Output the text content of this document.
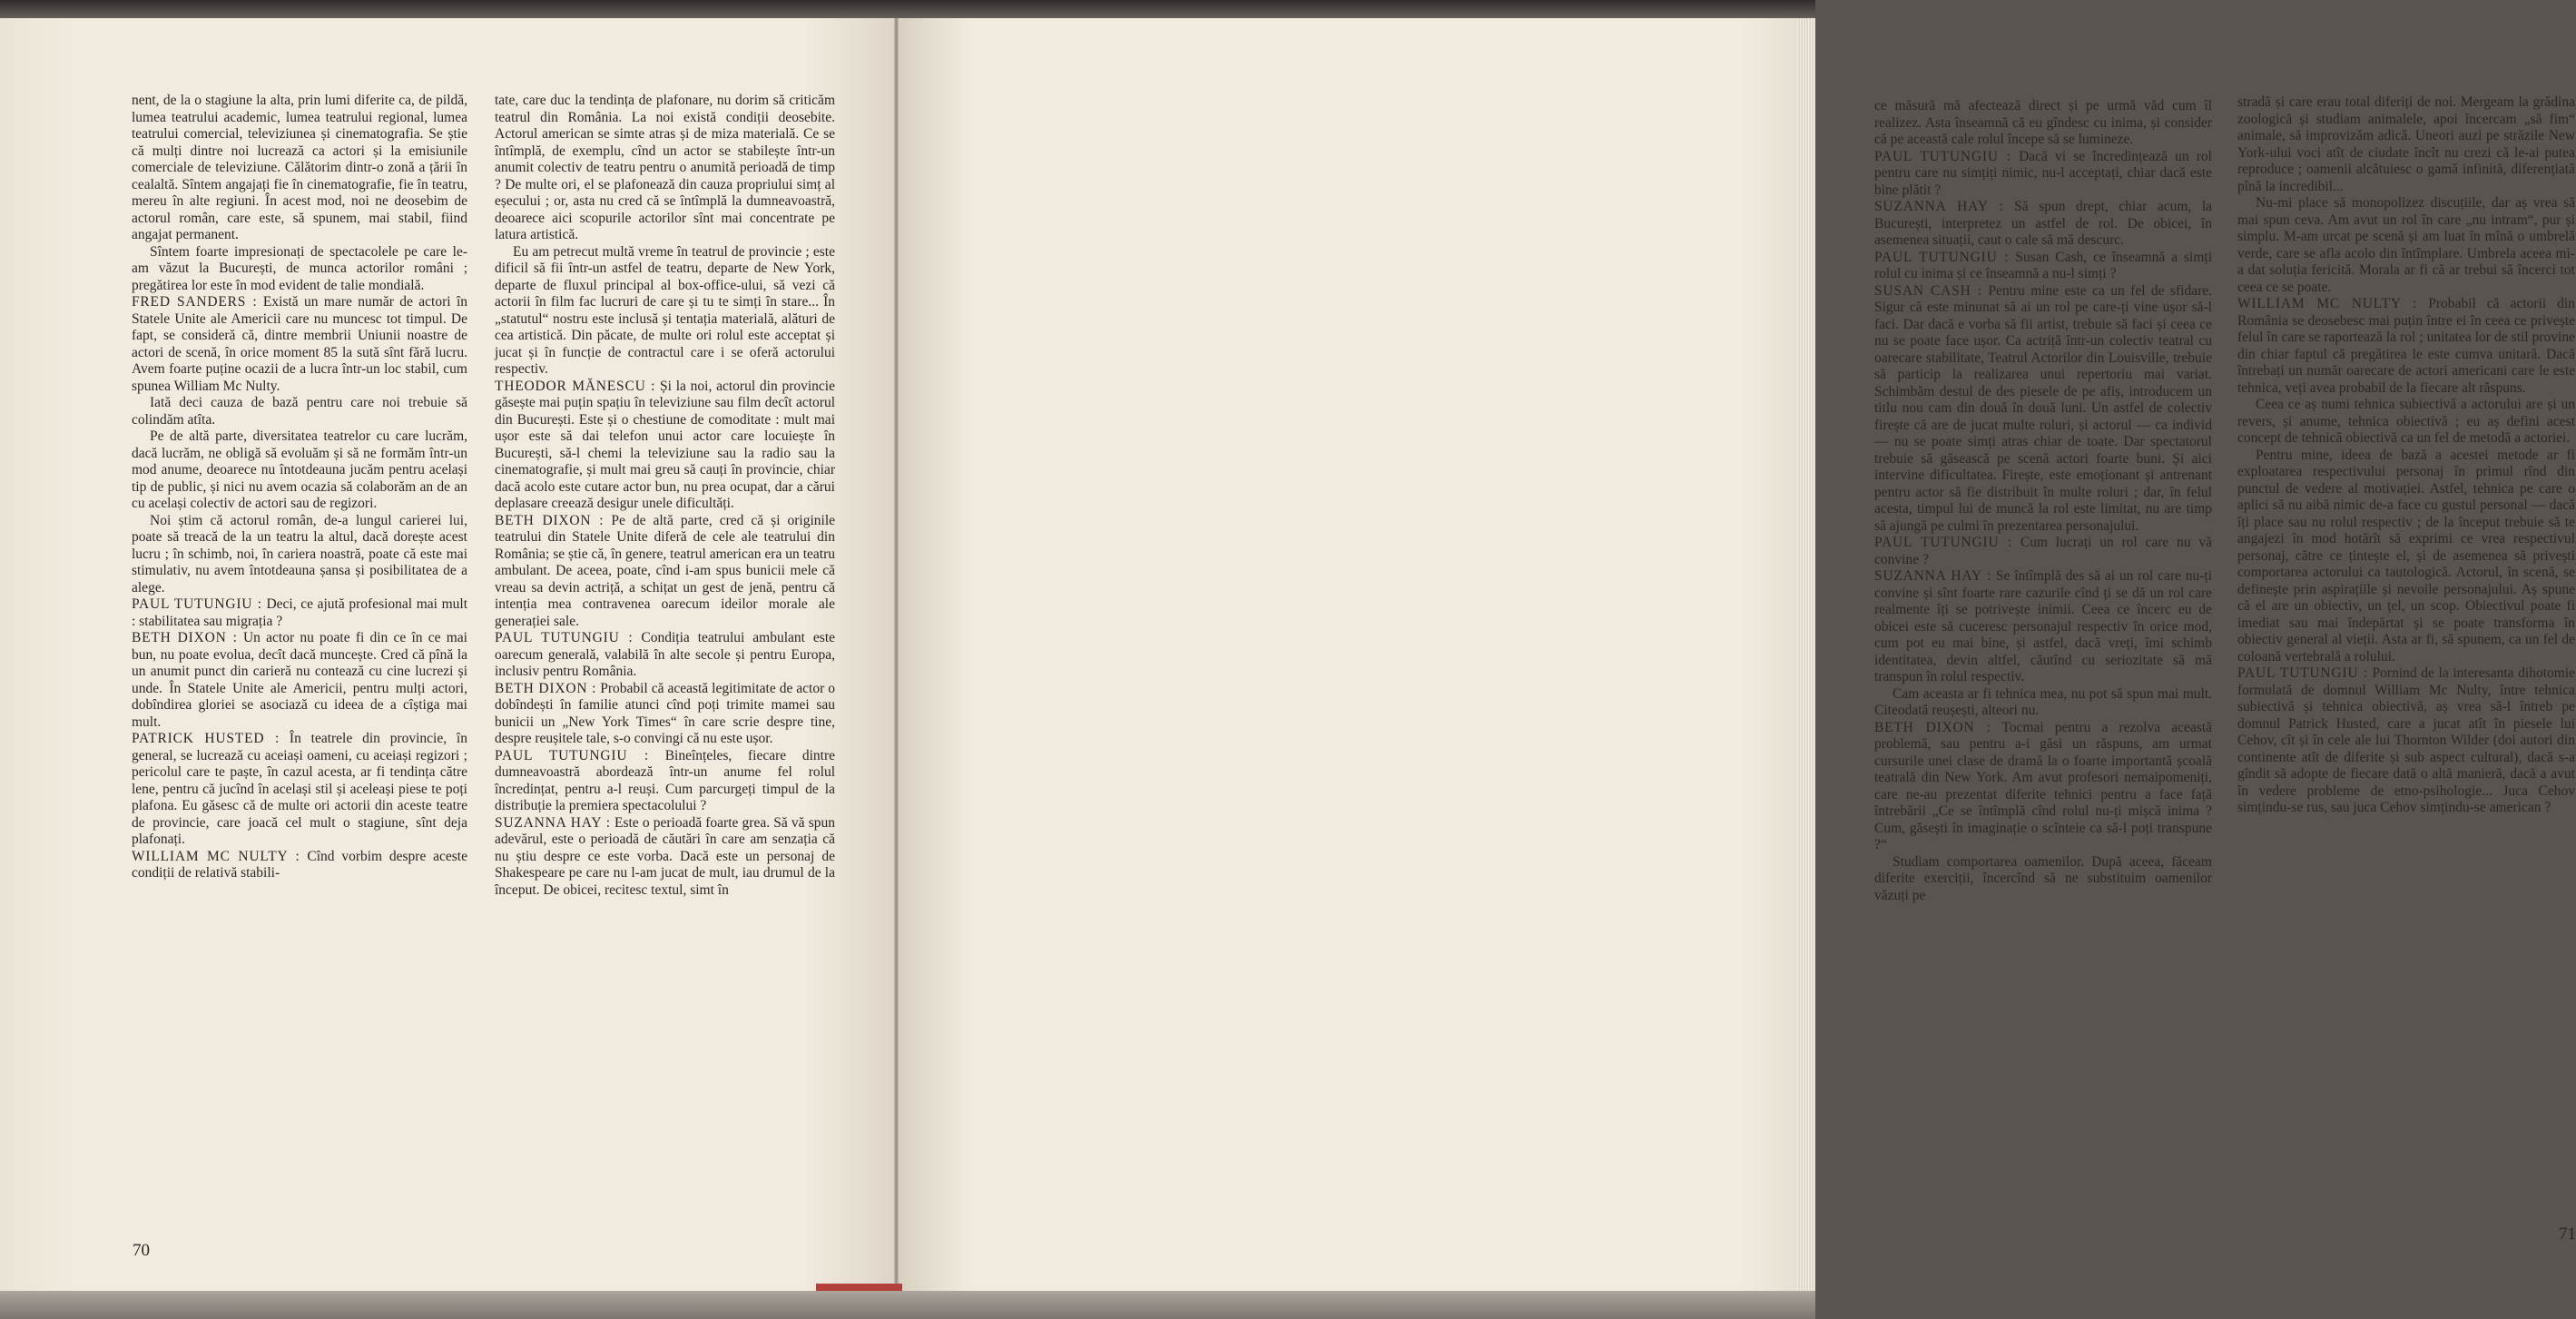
nent, de la o stagiune la alta, prin lumi diferite ca, de pildă, lumea teatrului academic, lumea teatrului regional, lumea teatrului comercial, televiziunea și cinematografia. Se știe că mulți dintre noi lucrează ca actori și la emisiunile comerciale de televiziune. Călătorim dintr-o zonă a țării în cealaltă. Sîntem angajați fie în cinematografie, fie în teatru, mereu în alte regiuni. În acest mod, noi ne deosebim de actorul român, care este, să spunem, mai stabil, fiind angajat permanent.

Sîntem foarte impresionați de spectacolele pe care le-am văzut la București, de munca actorilor români ; pregătirea lor este în mod evident de talie mondială.

FRED SANDERS : Există un mare număr de actori în Statele Unite ale Americii care nu muncesc tot timpul. De fapt, se consideră că, dintre membrii Uniunii noastre de actori de scenă, în orice moment 85 la sută sînt fără lucru. Avem foarte puține ocazii de a lucra într-un loc stabil, cum spunea William Mc Nulty.

Iată deci cauza de bază pentru care noi trebuie să colindăm atîta.

Pe de altă parte, diversitatea teatrelor cu care lucrăm, dacă lucrăm, ne obligă să evoluăm și să ne formăm într-un mod anume, deoarece nu întotdeauna jucăm pentru același tip de public, și nici nu avem ocazia să colaborăm an de an cu același colectiv de actori sau de regizori.

Noi știm că actorul român, de-a lungul carierei lui, poate să treacă de la un teatru la altul, dacă dorește acest lucru ; în schimb, noi, în cariera noastră, poate că este mai stimulativ, nu avem întotdeauna șansa și posibilitatea de a alege.

PAUL TUTUNGIU : Deci, ce ajută profesional mai mult : stabilitatea sau migrația ?

BETH DIXON : Un actor nu poate fi din ce în ce mai bun, nu poate evolua, decît dacă muncește. Cred că pînă la un anumit punct din carieră nu contează cu cine lucrezi și unde. În Statele Unite ale Americii, pentru mulți actori, dobîndirea gloriei se asociază cu ideea de a cîștiga mai mult.

PATRICK HUSTED : În teatrele din provincie, în general, se lucrează cu aceiași oameni, cu aceiași regizori ; pericolul care te paște, în cazul acesta, ar fi tendința către lene, pentru că jucînd în același stil și aceleași piese te poți plafona. Eu găsesc că de multe ori actorii din aceste teatre de provincie, care joacă cel mult o stagiune, sînt deja plafonați.

WILLIAM MC NULTY : Cînd vorbim despre aceste condiții de relativă stabili-

tate, care duc la tendința de plafonare, nu dorim să criticăm teatrul din România. La noi există condiții deosebite. Actorul american se simte atras și de miza materială. Ce se întîmplă, de exemplu, cînd un actor se stabilește într-un anumit colectiv de teatru pentru o anumită perioadă de timp ? De multe ori, el se plafonează din cauza propriului simț al eșecului ; or, asta nu cred că se întîmplă la dumneavoastră, deoarece aici scopurile actorilor sînt mai concentrate pe latura artistică.

Eu am petrecut multă vreme în teatrul de provincie ; este dificil să fii într-un astfel de teatru, departe de New York, departe de fluxul principal al box-office-ului, să vezi că actorii în film fac lucruri de care și tu te simți în stare... În „statutul“ nostru este inclusă și tentația materială, alături de cea artistică. Din păcate, de multe ori rolul este acceptat și jucat și în funcție de contractul care i se oferă actorului respectiv.

THEODOR MĂNESCU : Și la noi, actorul din provincie găsește mai puțin spațiu în televiziune sau film decît actorul din București. Este și o chestiune de comoditate : mult mai ușor este să dai telefon unui actor care locuiește în București, să-l chemi la televiziune sau la radio sau la cinematografie, și mult mai greu să cauți în provincie, chiar dacă acolo este cutare actor bun, nu prea ocupat, dar a cărui deplasare creează desigur unele dificultăți.

BETH DIXON : Pe de altă parte, cred că și originile teatrului din Statele Unite diferă de cele ale teatrului din România; se știe că, în genere, teatrul american era un teatru ambulant. De aceea, poate, cînd i-am spus bunicii mele că vreau sa devin actriță, a schițat un gest de jenă, pentru că intenția mea contravenea oarecum ideilor morale ale generației sale.

PAUL TUTUNGIU : Condiția teatrului ambulant este oarecum generală, valabilă în alte secole și pentru Europa, inclusiv pentru România.

BETH DIXON : Probabil că această legitimitate de actor o dobîndești în familie atunci cînd poți trimite mamei sau bunicii un „New York Times“ în care scrie despre tine, despre reușitele tale, s-o convingi că nu este ușor.

PAUL TUTUNGIU : Bineînțeles, fiecare dintre dumneavoastră abordează într-un anume fel rolul încredințat, pentru a-l reuși. Cum parcurgeți timpul de la distribuție la premiera spectacolului ?

SUZANNA HAY : Este o perioadă foarte grea. Să vă spun adevărul, este o perioadă de căutări în care am senzația că nu știu despre ce este vorba. Dacă este un personaj de Shakespeare pe care nu l-am jucat de mult, iau drumul de la început. De obicei, recitesc textul, simt în

70

ce măsură mă afectează direct și pe urmă văd cum îl realizez. Asta înseamnă că eu gîndesc cu inima, și consider că pe această cale rolul începe să se lumineze.

PAUL TUTUNGIU : Dacă vi se încredințează un rol pentru care nu simțiți nimic, nu-l acceptați, chiar dacă este bine plătit ?

SUZANNA HAY : Să spun drept, chiar acum, la București, interpretez un astfel de rol. De obicei, în asemenea situații, caut o cale să mă descurc.

PAUL TUTUNGIU : Susan Cash, ce înseamnă a simți rolul cu inima și ce înseamnă a nu-l simți ?

SUSAN CASH : Pentru mine este ca un fel de sfidare. Sigur că este minunat să ai un rol pe care-ți vine ușor să-l faci. Dar dacă e vorba să fii artist, trebuie să faci și ceea ce nu se poate face ușor. Ca actriță într-un colectiv teatral cu oarecare stabilitate, Teatrul Actorilor din Louisville, trebuie să particip la realizarea unui repertoriu mai variat. Schimbăm destul de des piesele de pe afiș, introducem un titlu nou cam din două în două luni. Un astfel de colectiv firește că are de jucat multe roluri, și actorul — ca individ — nu se poate simți atras chiar de toate. Dar spectatorul trebuie să găsească pe scenă actori foarte buni. Și aici intervine dificultatea. Firește, este emoționant și antrenant pentru actor să fie distribuit în multe roluri ; dar, în felul acesta, timpul lui de muncă la rol este limitat, nu are timp să ajungă pe culmi în prezentarea personajului.

PAUL TUTUNGIU : Cum lucrați un rol care nu vă convine ?

SUZANNA HAY : Se întîmplă des să ai un rol care nu-ți convine și sînt foarte rare cazurile cînd ți se dă un rol care realmente îți se potrivește inimii. Ceea ce încerc eu de obicei este să cuceresc personajul respectiv în orice mod, cum pot eu mai bine, și astfel, dacă vreți, îmi schimb identitatea, devin altfel, căutînd cu seriozitate să mă transpun în rolul respectiv.

Cam aceasta ar fi tehnica mea, nu pot să spun mai mult. Citeodată reușești, alteori nu.

BETH DIXON : Tocmai pentru a rezolva această problemă, sau pentru a-i găsi un răspuns, am urmat cursurile unei clase de dramă la o foarte importantă școală teatrală din New York. Am avut profesori nemaipomeniți, care ne-au prezentat diferite tehnici pentru a face față întrebării „Ce se întîmplă cînd rolul nu-ți mișcă inima ? Cum, găsești în imaginație o scînteie ca să-l poți transpune ?“

Studiam comportarea oamenilor. După aceea, făceam diferite exerciții, încercînd să ne substituim oamenilor văzuți pe

stradă și care erau total diferiți de noi. Mergeam la grădina zoologică și studiam animalele, apoi încercam „să fim“ animale, să improvizăm adică. Uneori auzi pe străzile New York-ului voci atît de ciudate încît nu crezi că le-ai putea reproduce ; oamenii alcătuiesc o gamă infinită, diferențiată pînă la incredibil...

Nu-mi place să monopolizez discuțiile, dar aș vrea să mai spun ceva. Am avut un rol în care „nu intram“, pur și simplu. M-am urcat pe scenă și am luat în mînă o umbrelă verde, care se afla acolo din întîmplare. Umbrela aceea mi-a dat soluția fericită. Morala ar fi că ar trebui să încerci tot ceea ce se poate.

WILLIAM MC NULTY : Probabil că actorii din România se deosebesc mai puțin între ei în ceea ce privește felul în care se raportează la rol ; unitatea lor de stil provine din chiar faptul că pregătirea le este cumva unitară. Dacă întrebați un număr oarecare de actori americani care le este tehnica, veți avea probabil de la fiecare alt răspuns.

Ceea ce aș numi tehnica subiectivă a actorului are și un revers, și anume, tehnica obiectivă ; eu aș defini acest concept de tehnică obiectivă ca un fel de metodă a actoriei.

Pentru mine, ideea de bază a acestei metode ar fi exploatarea respectivului personaj în primul rînd din punctul de vedere al motivației. Astfel, tehnica pe care o aplici să nu aibă nimic de-a face cu gustul personal — dacă îți place sau nu rolul respectiv ; de la început trebuie să te angajezi în mod hotărît să exprimi ce vrea respectivul personaj, către ce țintește el, și de asemenea să privești comportarea actorului ca tautologică. Actorul, în scenă, se definește prin aspirațiile și nevoile personajului. Aș spune că el are un obiectiv, un țel, un scop. Obiectivul poate fi imediat sau mai îndepărtat și se poate transforma în obiectiv general al vieții. Asta ar fi, să spunem, ca un fel de coloană vertebrală a rolului.

PAUL TUTUNGIU : Pornind de la interesanta dihotomie formulată de domnul William Mc Nulty, între tehnica subiectivă și tehnica obiectivă, aș vrea să-l întreb pe domnul Patrick Husted, care a jucat atît în piesele lui Cehov, cît și în cele ale lui Thornton Wilder (doi autori din continente atît de diferite și sub aspect cultural), dacă s-a gîndit să adopte de fiecare dată o altă manieră, dacă a avut în vedere probleme de etno-psihologie... Juca Cehov simțindu-se rus, sau juca Cehov simțindu-se american ?

71
